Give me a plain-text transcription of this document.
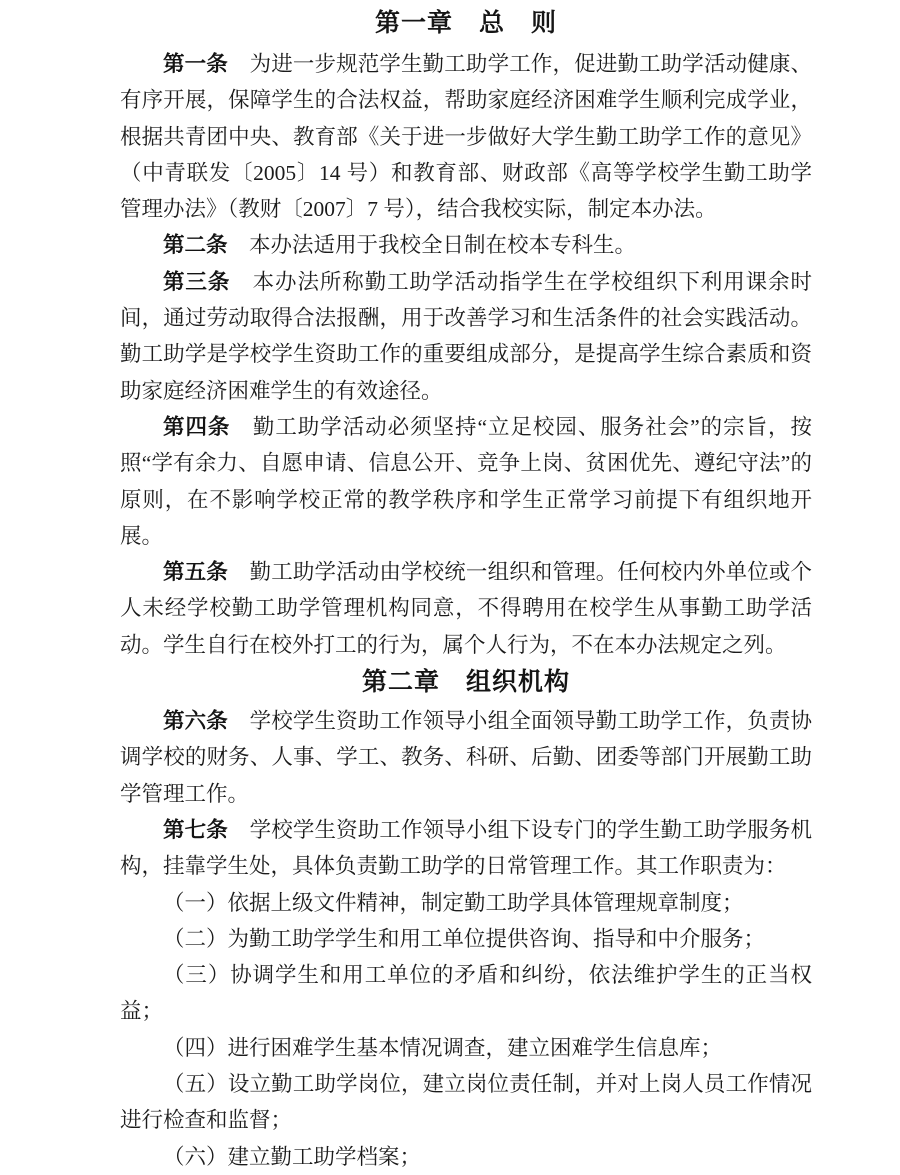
第一章　总　则

第一条　为进一步规范学生勤工助学工作，促进勤工助学活动健康、有序开展，保障学生的合法权益，帮助家庭经济困难学生顺利完成学业，根据共青团中央、教育部《关于进一步做好大学生勤工助学工作的意见》（中青联发〔2005〕14 号）和教育部、财政部《高等学校学生勤工助学管理办法》（教财〔2007〕7 号），结合我校实际，制定本办法。

第二条　本办法适用于我校全日制在校本专科生。

第三条　本办法所称勤工助学活动指学生在学校组织下利用课余时间，通过劳动取得合法报酬，用于改善学习和生活条件的社会实践活动。勤工助学是学校学生资助工作的重要组成部分，是提高学生综合素质和资助家庭经济困难学生的有效途径。

第四条　勤工助学活动必须坚持“立足校园、服务社会”的宗旨，按照“学有余力、自愿申请、信息公开、竞争上岗、贫困优先、遵纪守法”的原则，在不影响学校正常的教学秩序和学生正常学习前提下有组织地开展。

第五条　勤工助学活动由学校统一组织和管理。任何校内外单位或个人未经学校勤工助学管理机构同意，不得聘用在校学生从事勤工助学活动。学生自行在校外打工的行为，属个人行为，不在本办法规定之列。

第二章　组织机构

第六条　学校学生资助工作领导小组全面领导勤工助学工作，负责协调学校的财务、人事、学工、教务、科研、后勤、团委等部门开展勤工助学管理工作。

第七条　学校学生资助工作领导小组下设专门的学生勤工助学服务机构，挂靠学生处，具体负责勤工助学的日常管理工作。其工作职责为：

（一）依据上级文件精神，制定勤工助学具体管理规章制度；

（二）为勤工助学学生和用工单位提供咨询、指导和中介服务；

（三）协调学生和用工单位的矛盾和纠纷，依法维护学生的正当权益；

（四）进行困难学生基本情况调查，建立困难学生信息库；

（五）设立勤工助学岗位，建立岗位责任制，并对上岗人员工作情况进行检查和监督；

（六）建立勤工助学档案；
